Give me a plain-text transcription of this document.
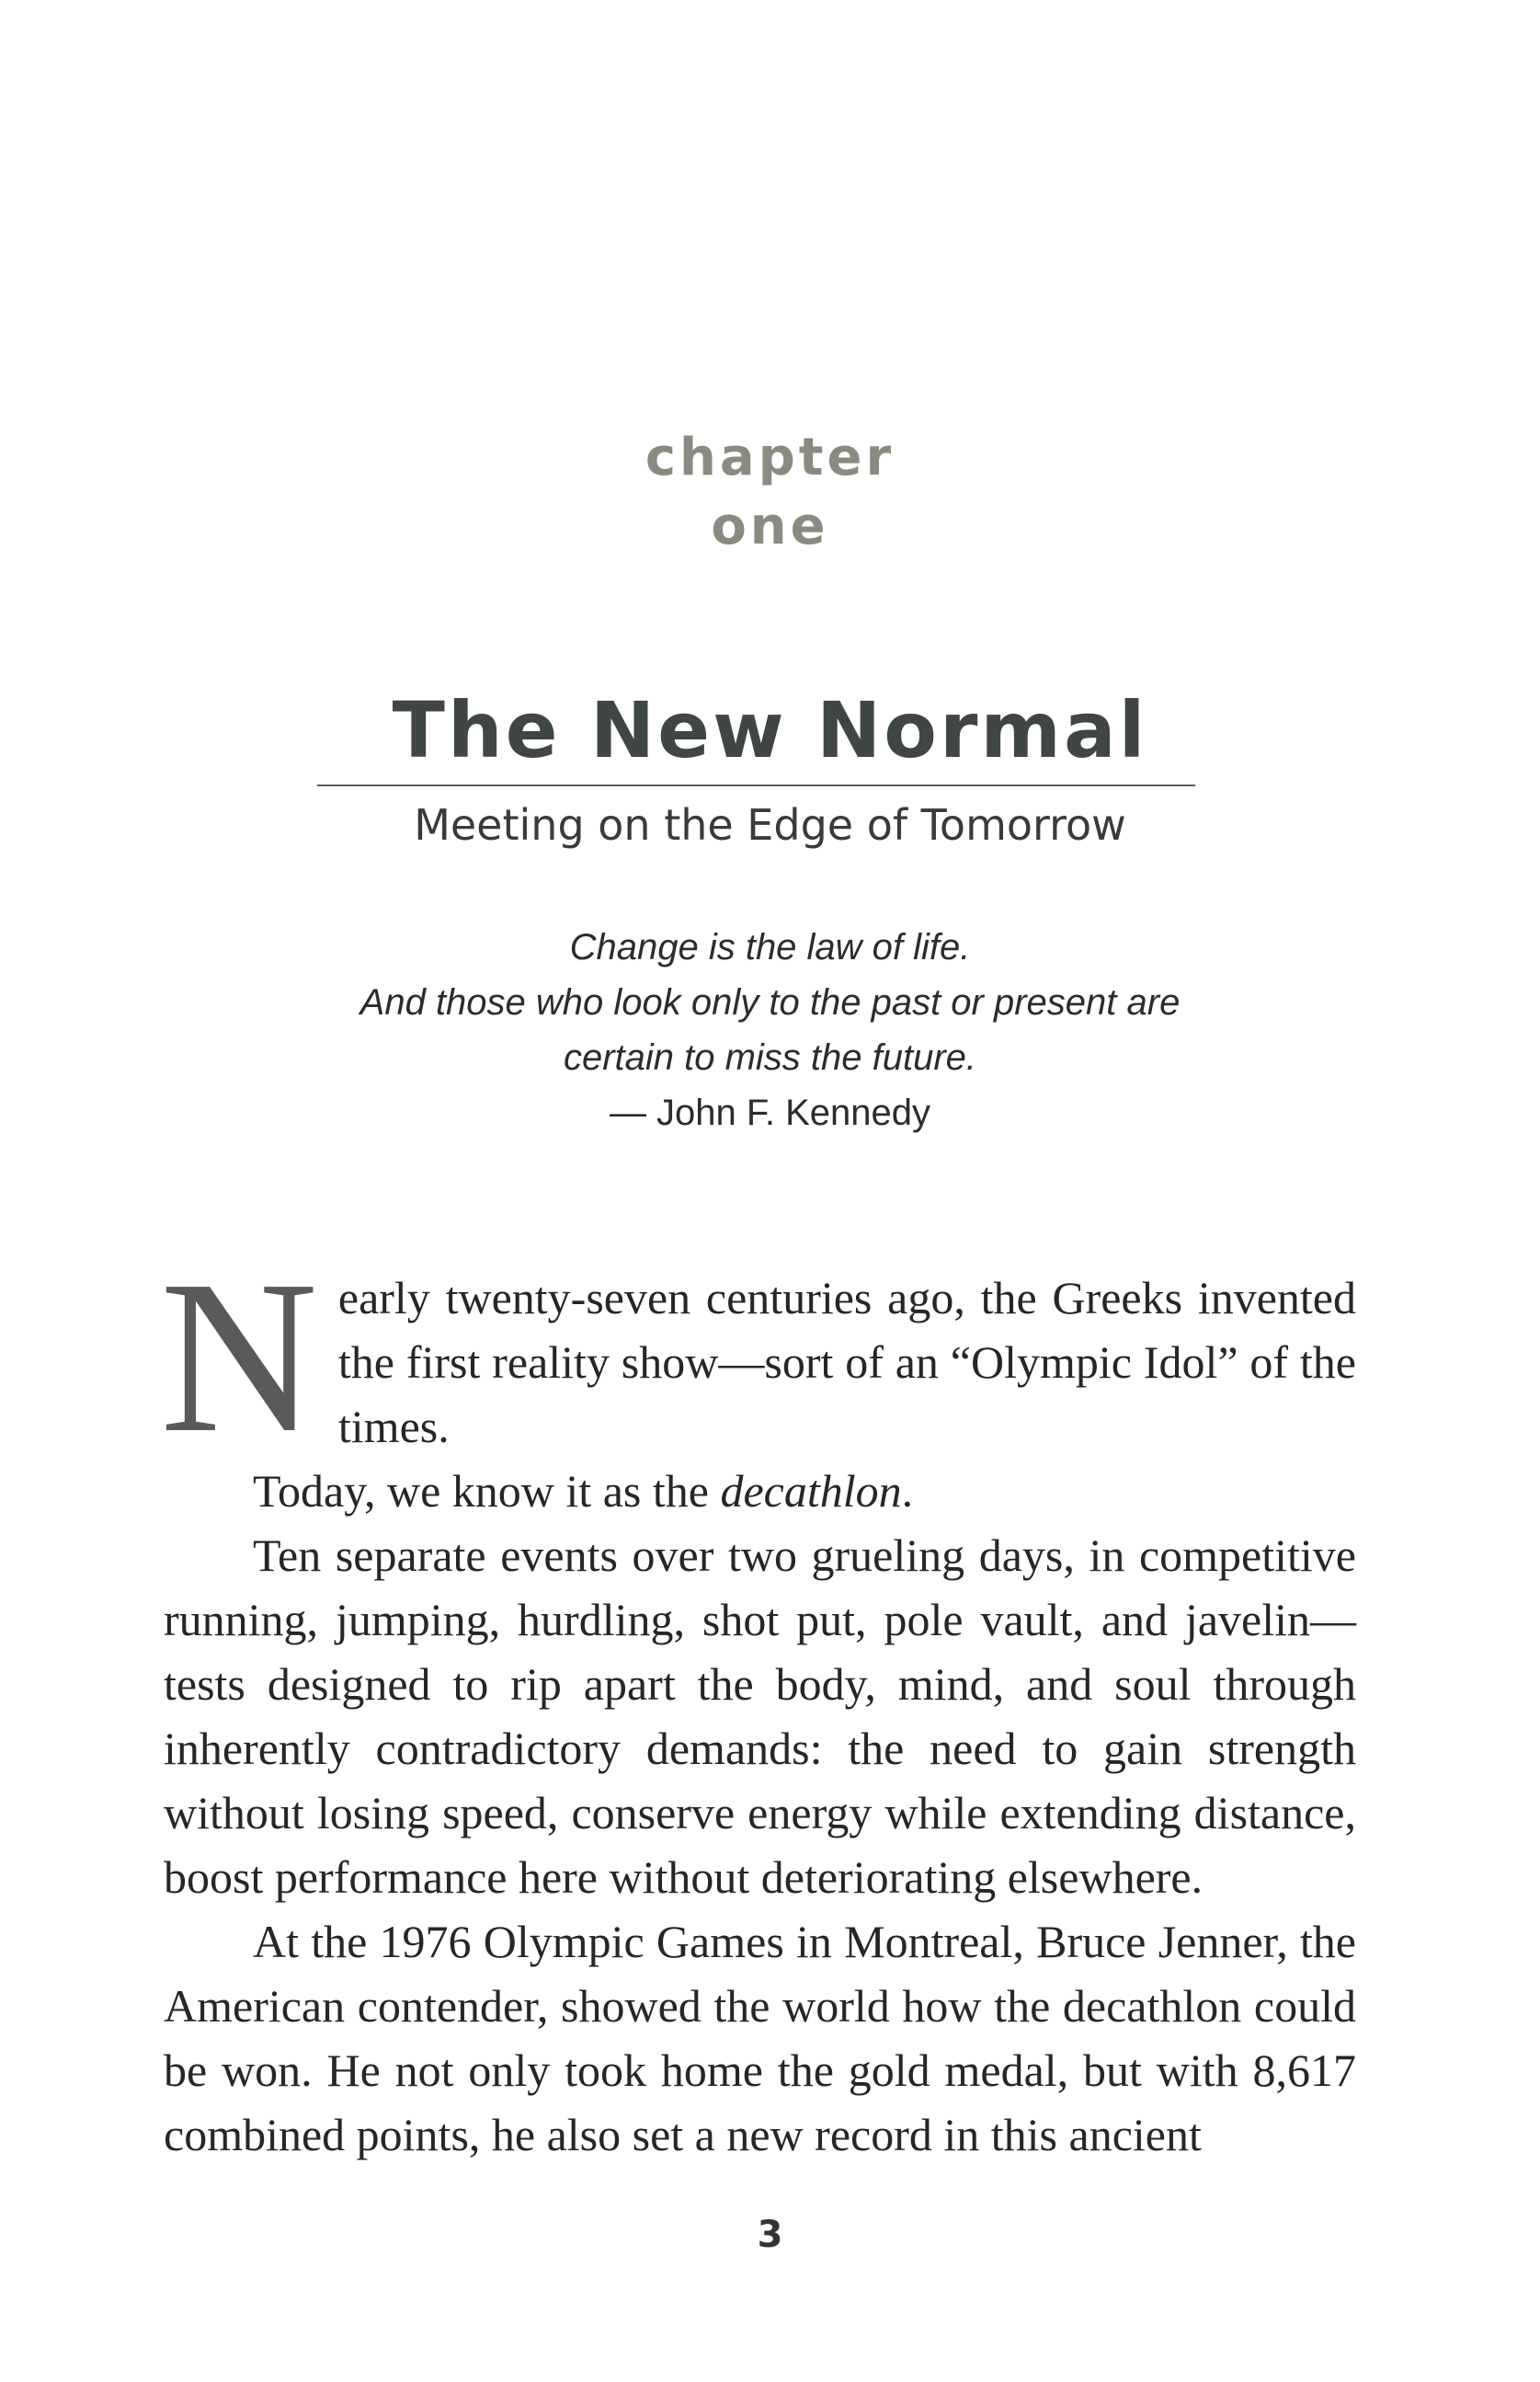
chapter
one
The New Normal
Meeting on the Edge of Tomorrow
Change is the law of life.
And those who look only to the past or present are
certain to miss the future.
— John F. Kennedy

Nearly twenty-seven centuries ago, the Greeks invented the first reality show—sort of an “Olympic Idol” of the times.

Today, we know it as the decathlon.

Ten separate events over two grueling days, in competitive running, jumping, hurdling, shot put, pole vault, and javelin—tests designed to rip apart the body, mind, and soul through inherently contradictory demands: the need to gain strength without losing speed, conserve energy while extending distance, boost performance here without deteriorating elsewhere.

At the 1976 Olympic Games in Montreal, Bruce Jenner, the American contender, showed the world how the decathlon could be won. He not only took home the gold medal, but with 8,617 combined points, he also set a new record in this ancient

3
